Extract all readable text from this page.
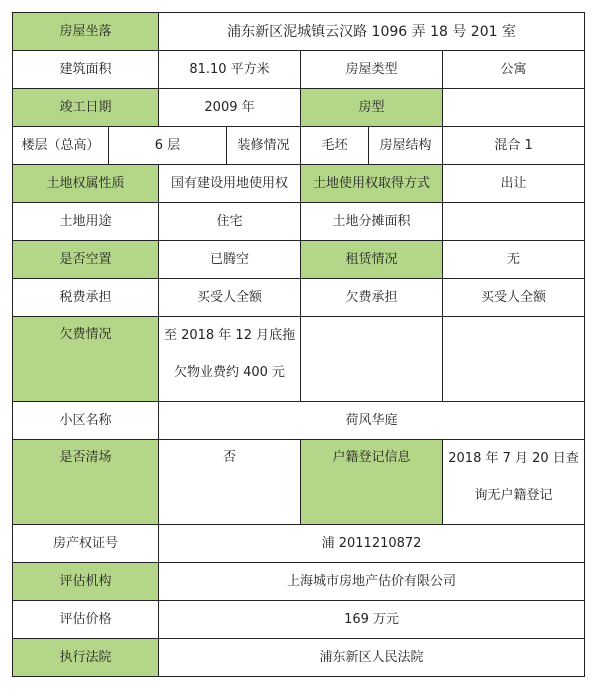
房屋坐落		浦东新区泥城镇云汉路 1096 弄 18 号 201 室				
建筑面积		81.10 平方米		房屋类型		公寓
竣工日期		2009 年		房型		
楼层（总高）	6 层		装修情况	毛坯	房屋结构	混合 1
土地权属性质		国有建设用地使用权		土地使用权取得方式		出让
土地用途		住宅		土地分摊面积		
是否空置		已腾空		租赁情况		无
税费承担		买受人全额		欠费承担		买受人全额
欠费情况		至 2018 年 12 月底拖
欠物业费约 400 元				
小区名称		荷风华庭				
是否清场		否		户籍登记信息		2018 年 7 月 20 日查
询无户籍登记
房产权证号		浦 2011210872				
评估机构		上海城市房地产估价有限公司				
评估价格		169 万元				
执行法院		浦东新区人民法院				
